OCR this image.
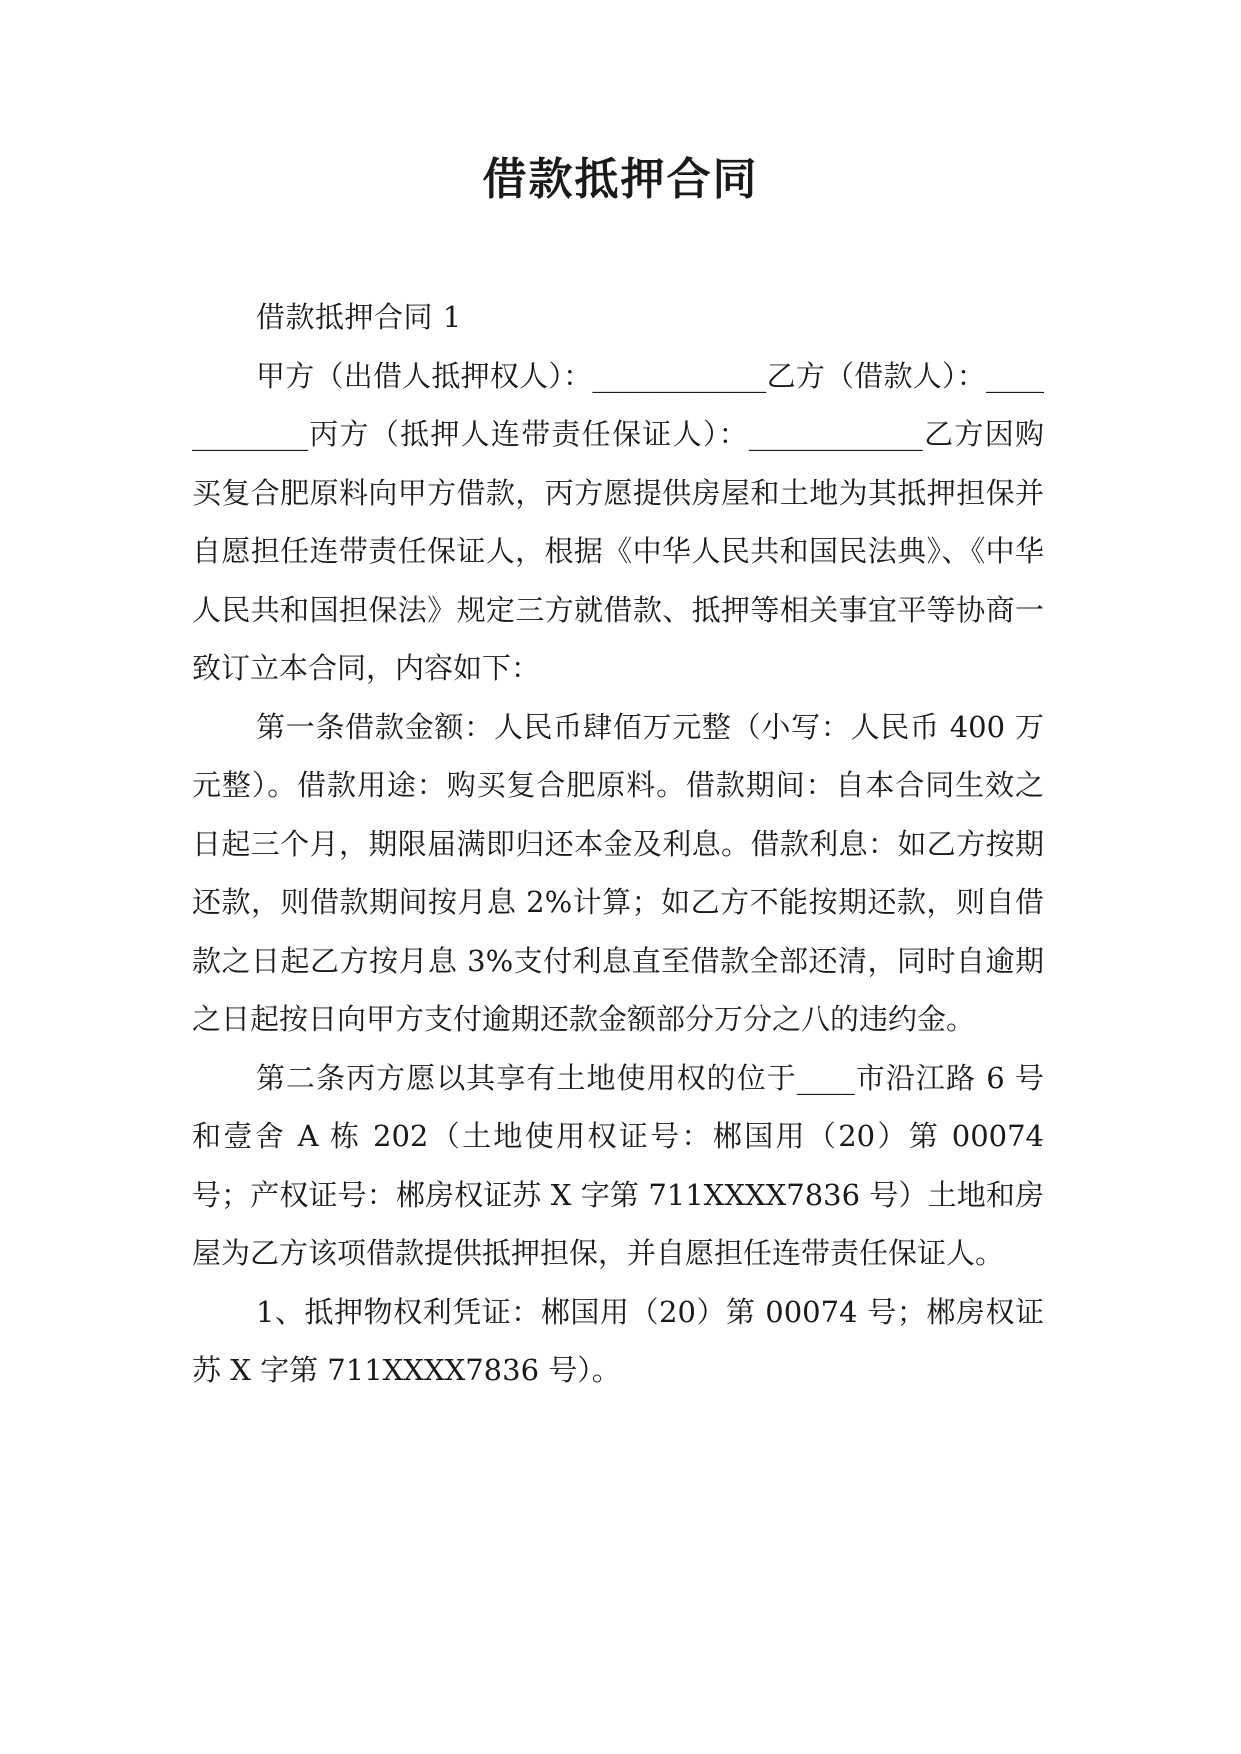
借款抵押合同

借款抵押合同 1

甲方（出借人抵押权人）：____________乙方（借款人）：____________丙方（抵押人连带责任保证人）：____________乙方因购买复合肥原料向甲方借款，丙方愿提供房屋和土地为其抵押担保并自愿担任连带责任保证人，根据《中华人民共和国民法典》、《中华人民共和国担保法》规定三方就借款、抵押等相关事宜平等协商一致订立本合同，内容如下：

第一条借款金额：人民币肆佰万元整（小写：人民币 400 万元整）。借款用途：购买复合肥原料。借款期间：自本合同生效之日起三个月，期限届满即归还本金及利息。借款利息：如乙方按期还款，则借款期间按月息 2%计算；如乙方不能按期还款，则自借款之日起乙方按月息 3%支付利息直至借款全部还清，同时自逾期之日起按日向甲方支付逾期还款金额部分万分之八的违约金。

第二条丙方愿以其享有土地使用权的位于____市沿江路 6 号和壹舍 A 栋 202（土地使用权证号：郴国用（20）第 00074 号；产权证号：郴房权证苏 X 字第 711XXXX7836 号）土地和房屋为乙方该项借款提供抵押担保，并自愿担任连带责任保证人。

1、抵押物权利凭证：郴国用（20）第 00074 号；郴房权证苏 X 字第 711XXXX7836 号）。
